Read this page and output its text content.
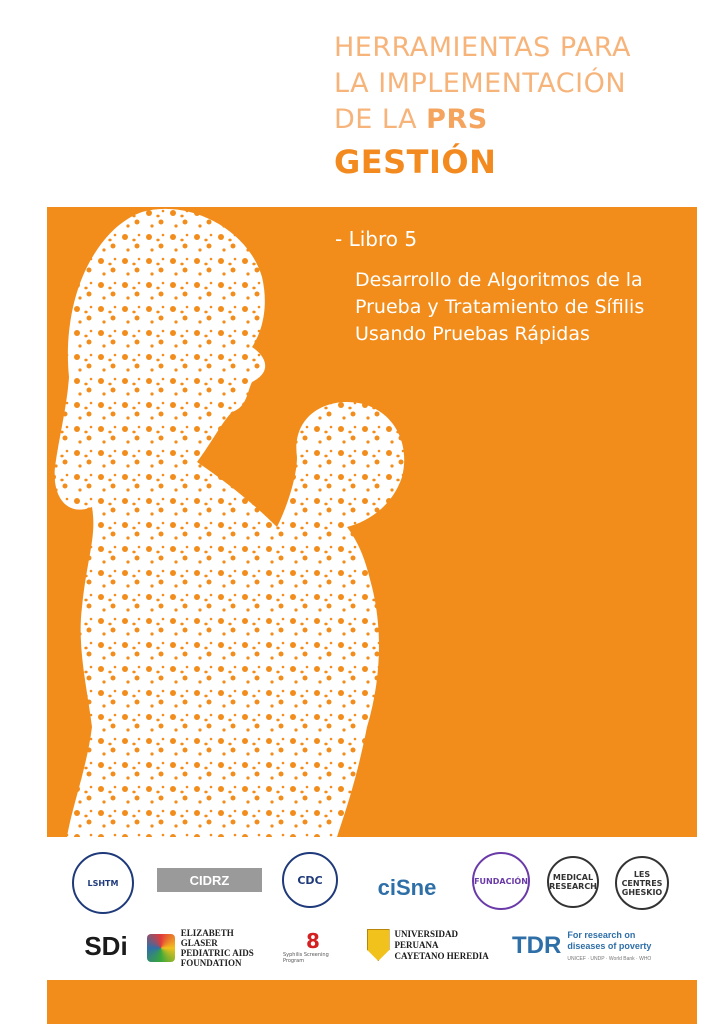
HERRAMIENTAS PARA
LA IMPLEMENTACIÓN
DE LA PRS
GESTIÓN
- Libro 5
Desarrollo de Algoritmos de la
Prueba y Tratamiento de Sífilis
Usando Pruebas Rápidas
LSHTM	CIDRZ	CDC	ciSne	FUNDACIÓN	MEDICAL RESEARCH
LES CENTRES GHESKIO
SDi	ELIZABETH GLASER
PEDIATRIC AIDS
FOUNDATION
8
Syphilis Screening Program
UNIVERSIDAD PERUANA
CAYETANO HEREDIA TDR For research on
diseases of poverty
UNICEF · UNDP · World Bank · WHO
